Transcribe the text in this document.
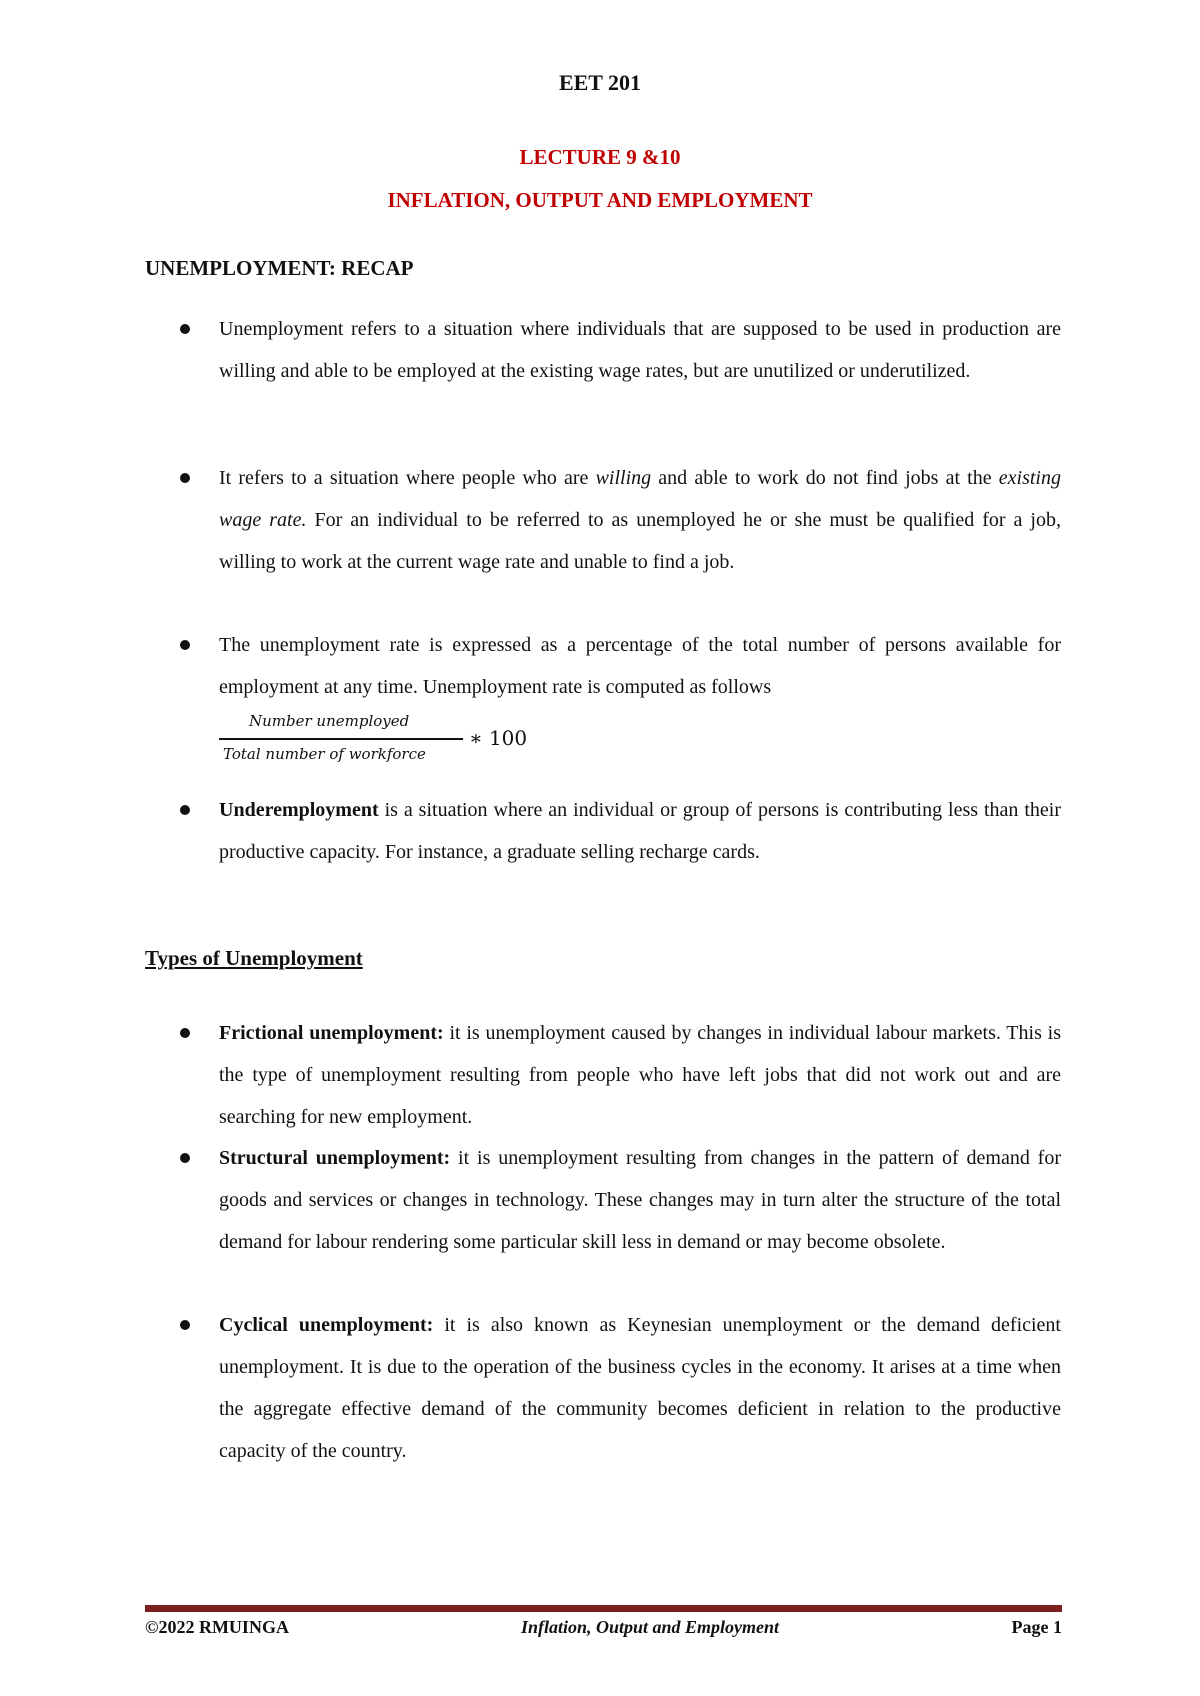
EET 201
LECTURE 9 &10
INFLATION, OUTPUT AND EMPLOYMENT
UNEMPLOYMENT: RECAP
Unemployment refers to a situation where individuals that are supposed to be used in production are willing and able to be employed at the existing wage rates, but are unutilized or underutilized.
It refers to a situation where people who are willing and able to work do not find jobs at the existing wage rate. For an individual to be referred to as unemployed he or she must be qualified for a job, willing to work at the current wage rate and unable to find a job.
The unemployment rate is expressed as a percentage of the total number of persons available for employment at any time. Unemployment rate is computed as follows
Number unemployed
Total number of workforce
∗ 100
Underemployment is a situation where an individual or group of persons is contributing less than their productive capacity. For instance, a graduate selling recharge cards.
Types of Unemployment
Frictional unemployment: it is unemployment caused by changes in individual labour markets. This is the type of unemployment resulting from people who have left jobs that did not work out and are searching for new employment.
Structural unemployment: it is unemployment resulting from changes in the pattern of demand for goods and services or changes in technology. These changes may in turn alter the structure of the total demand for labour rendering some particular skill less in demand or may become obsolete.
Cyclical unemployment: it is also known as Keynesian unemployment or the demand deficient unemployment. It is due to the operation of the business cycles in the economy. It arises at a time when the aggregate effective demand of the community becomes deficient in relation to the productive capacity of the country.
©2022 RMUINGA	Inflation, Output and Employment	Page 1
